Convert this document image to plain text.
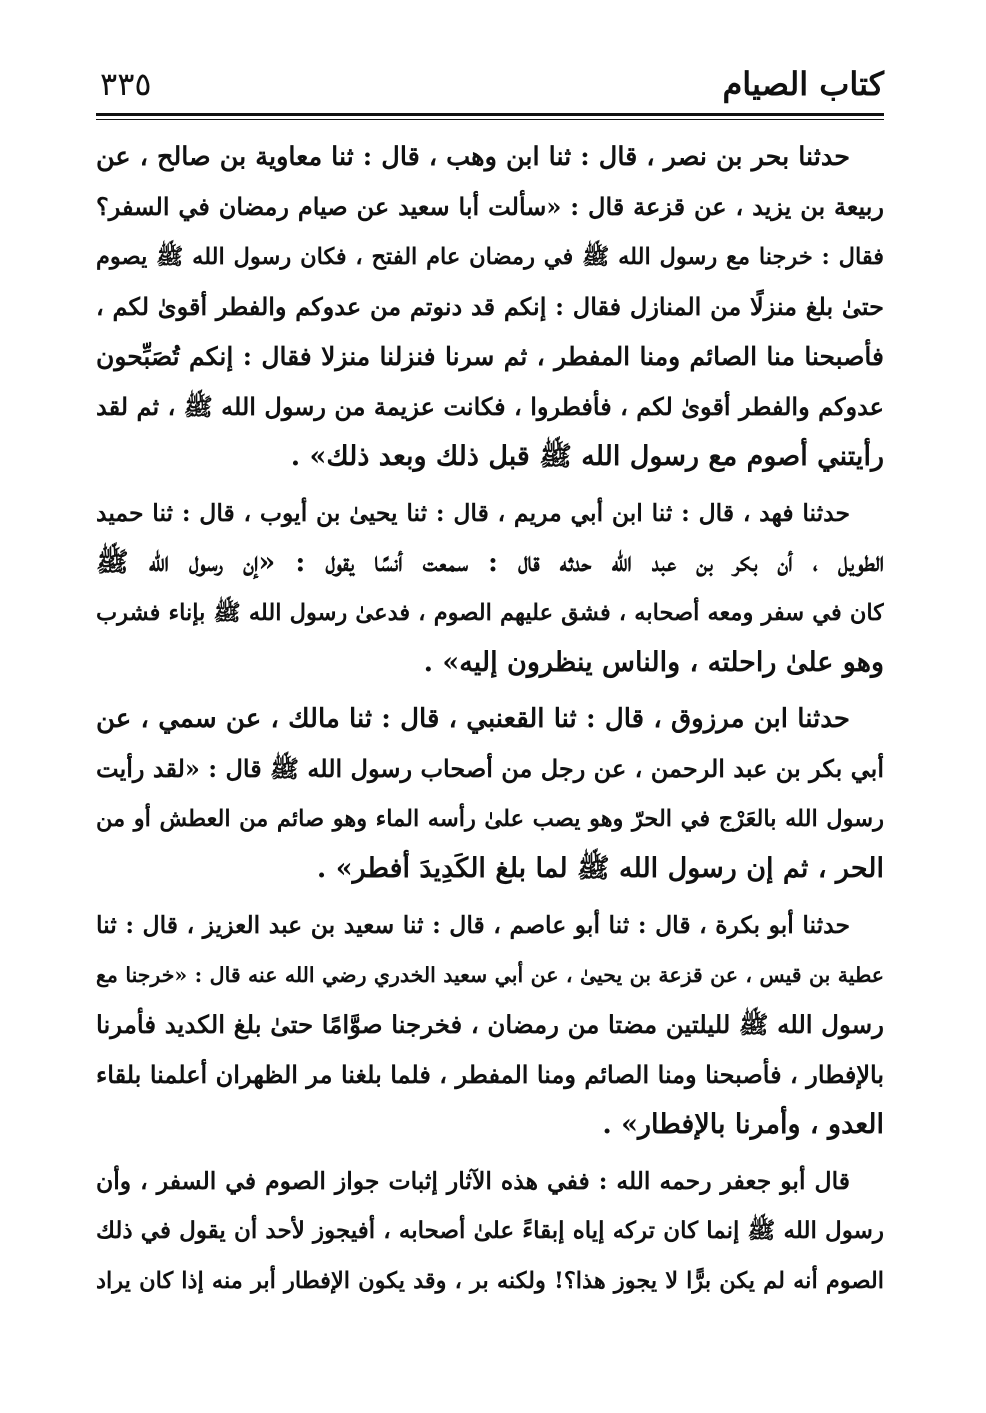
كتاب الصيام
٣٣٥
حدثنا بحر بن نصر ، قال : ثنا ابن وهب ، قال : ثنا معاوية بن صالح ، عن
ربيعة بن يزيد ، عن قزعة قال : «سألت أبا سعيد عن صيام رمضان في السفر؟
فقال : خرجنا مع رسول الله ﷺ في رمضان عام الفتح ، فكان رسول الله ﷺ يصوم
حتىٰ بلغ منزلًا من المنازل فقال : إنكم قد دنوتم من عدوكم والفطر أقوىٰ لكم ،
فأصبحنا منا الصائم ومنا المفطر ، ثم سرنا فنزلنا منزلا فقال : إنكم تُصَبِّحون
عدوكم والفطر أقوىٰ لكم ، فأفطروا ، فكانت عزيمة من رسول الله ﷺ ، ثم لقد
رأيتني أصوم مع رسول الله ﷺ قبل ذلك وبعد ذلك» .
حدثنا فهد ، قال : ثنا ابن أبي مريم ، قال : ثنا يحيىٰ بن أيوب ، قال : ثنا حميد
الطويل ، أن بكر بن عبد الله حدثه قال : سمعت أنسًا يقول : «إن رسول الله ﷺ
كان في سفر ومعه أصحابه ، فشق عليهم الصوم ، فدعىٰ رسول الله ﷺ بإناء فشرب
وهو علىٰ راحلته ، والناس ينظرون إليه» .
حدثنا ابن مرزوق ، قال : ثنا القعنبي ، قال : ثنا مالك ، عن سمي ، عن
أبي بكر بن عبد الرحمن ، عن رجل من أصحاب رسول الله ﷺ قال : «لقد رأيت
رسول الله بالعَرْج في الحرّ وهو يصب علىٰ رأسه الماء وهو صائم من العطش أو من
الحر ، ثم إن رسول الله ﷺ لما بلغ الكَدِيدَ أفطر» .
حدثنا أبو بكرة ، قال : ثنا أبو عاصم ، قال : ثنا سعيد بن عبد العزيز ، قال : ثنا
عطية بن قيس ، عن قزعة بن يحيىٰ ، عن أبي سعيد الخدري رضي الله عنه قال : «خرجنا مع
رسول الله ﷺ لليلتين مضتا من رمضان ، فخرجنا صوَّامًا حتىٰ بلغ الكديد فأمرنا
بالإفطار ، فأصبحنا ومنا الصائم ومنا المفطر ، فلما بلغنا مر الظهران أعلمنا بلقاء
العدو ، وأمرنا بالإفطار» .
قال أبو جعفر رحمه الله : ففي هذه الآثار إثبات جواز الصوم في السفر ، وأن
رسول الله ﷺ إنما كان تركه إياه إبقاءً علىٰ أصحابه ، أفيجوز لأحد أن يقول في ذلك
الصوم أنه لم يكن برًّا لا يجوز هذا؟! ولكنه بر ، وقد يكون الإفطار أبر منه إذا كان يراد
